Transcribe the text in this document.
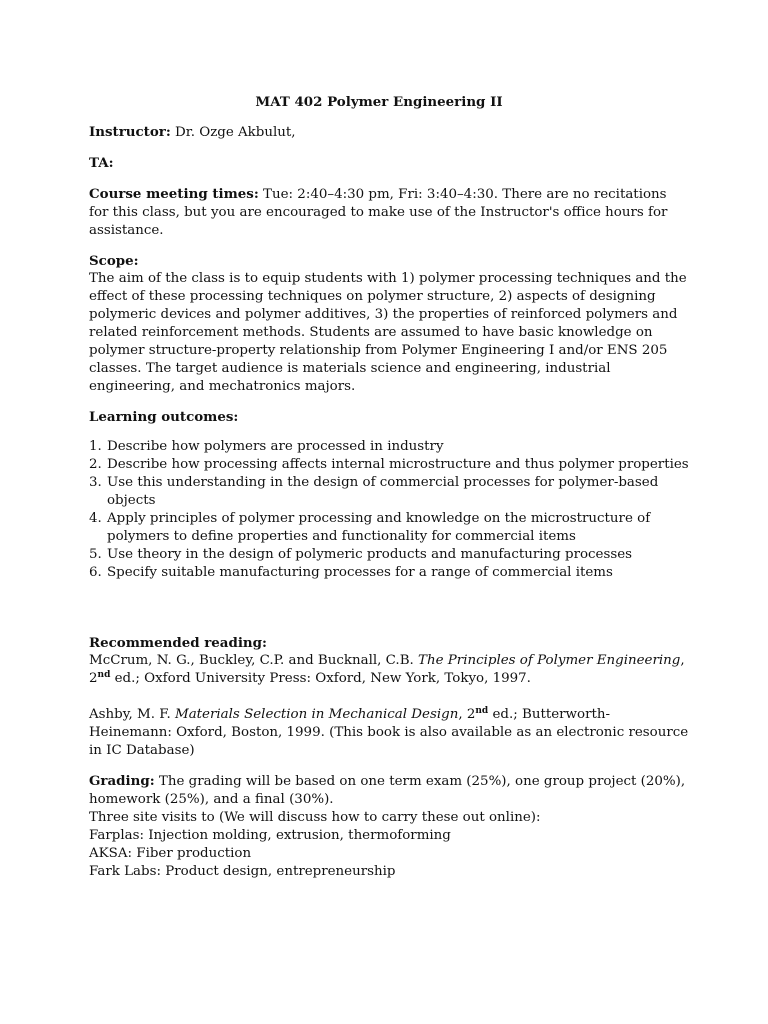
MAT 402 Polymer Engineering II
Instructor: Dr. Ozge Akbulut,
TA:
Course meeting times: Tue: 2:40–4:30 pm, Fri: 3:40–4:30. There are no recitations for this class, but you are encouraged to make use of the Instructor's office hours for assistance.
Scope:
The aim of the class is to equip students with 1) polymer processing techniques and the effect of these processing techniques on polymer structure, 2) aspects of designing polymeric devices and polymer additives, 3) the properties of reinforced polymers and related reinforcement methods. Students are assumed to have basic knowledge on polymer structure-property relationship from Polymer Engineering I and/or ENS 205 classes. The target audience is materials science and engineering, industrial engineering, and mechatronics majors.
Learning outcomes:
1. Describe how polymers are processed in industry
2. Describe how processing affects internal microstructure and thus polymer properties
3. Use this understanding in the design of commercial processes for polymer-based objects
4. Apply principles of polymer processing and knowledge on the microstructure of polymers to define properties and functionality for commercial items
5. Use theory in the design of polymeric products and manufacturing processes
6. Specify suitable manufacturing processes for a range of commercial items
Recommended reading:
McCrum, N. G., Buckley, C.P. and Bucknall, C.B. The Principles of Polymer Engineering, 2nd ed.; Oxford University Press: Oxford, New York, Tokyo, 1997.
Ashby, M. F. Materials Selection in Mechanical Design, 2nd ed.; Butterworth-Heinemann: Oxford, Boston, 1999. (This book is also available as an electronic resource in IC Database)
Grading: The grading will be based on one term exam (25%), one group project (20%), homework (25%), and a final (30%).
Three site visits to (We will discuss how to carry these out online):
Farplas: Injection molding, extrusion, thermoforming
AKSA: Fiber production
Fark Labs: Product design, entrepreneurship
